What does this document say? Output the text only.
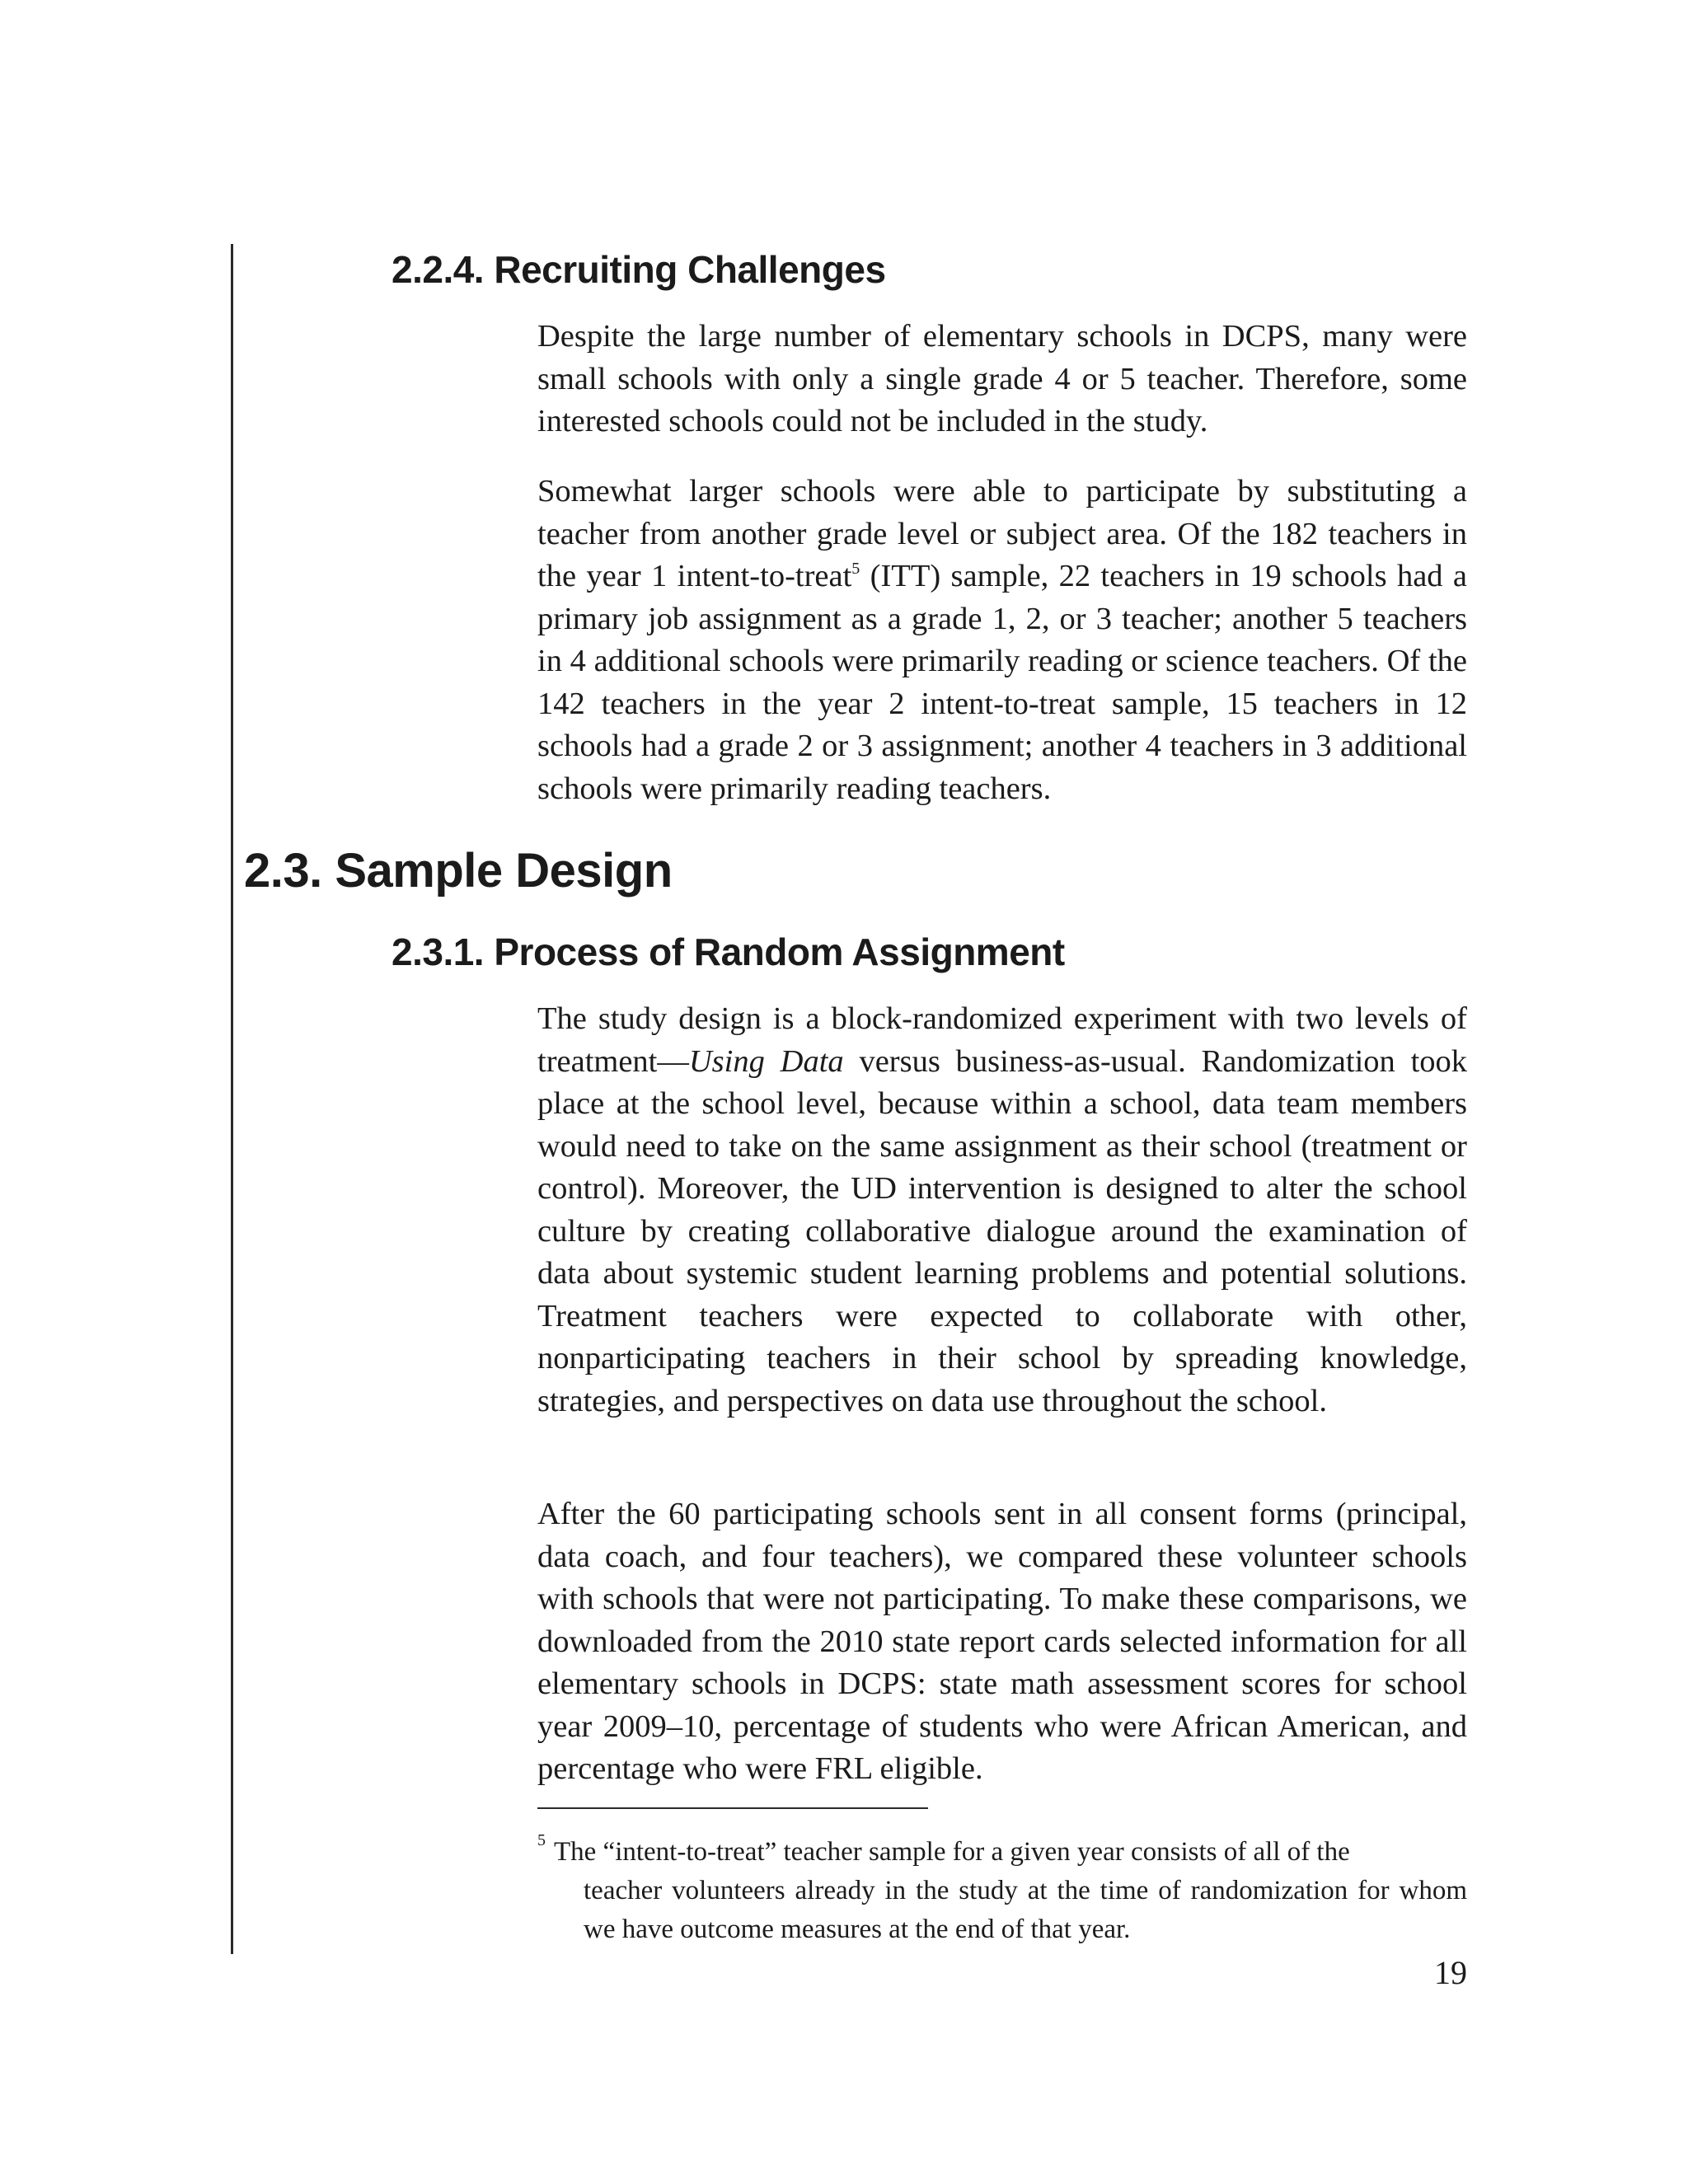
2.2.4. Recruiting Challenges

Despite the large number of elementary schools in DCPS, many were small schools with only a single grade 4 or 5 teacher. Therefore, some interested schools could not be included in the study.

Somewhat larger schools were able to participate by substituting a teacher from another grade level or subject area. Of the 182 teachers in the year 1 intent-to-treat$^5$ (ITT) sample, 22 teachers in 19 schools had a primary job assignment as a grade 1, 2, or 3 teacher; another 5 teachers in 4 additional schools were primarily reading or science teachers. Of the 142 teachers in the year 2 intent-to-treat sample, 15 teachers in 12 schools had a grade 2 or 3 assignment; another 4 teachers in 3 additional schools were primarily reading teachers.

2.3. Sample Design
2.3.1. Process of Random Assignment

The study design is a block-randomized experiment with two levels of treatment—Using Data versus business-as-usual. Randomization took place at the school level, because within a school, data team members would need to take on the same assignment as their school (treatment or control). Moreover, the UD intervention is designed to alter the school culture by creating collaborative dialogue around the examination of data about systemic student learning problems and potential solutions. Treatment teachers were expected to collaborate with other, nonparticipating teachers in their school by spreading knowledge, strategies, and perspectives on data use throughout the school.

After the 60 participating schools sent in all consent forms (principal, data coach, and four teachers), we compared these volunteer schools with schools that were not participating. To make these comparisons, we downloaded from the 2010 state report cards selected information for all elementary schools in DCPS: state math assessment scores for school year 2009–10, percentage of students who were African American, and percentage who were FRL eligible.

$^5$ The “intent-to-treat” teacher sample for a given year consists of all of the
teacher volunteers already in the study at the time of randomization for whom we have outcome measures at the end of that year.

19
